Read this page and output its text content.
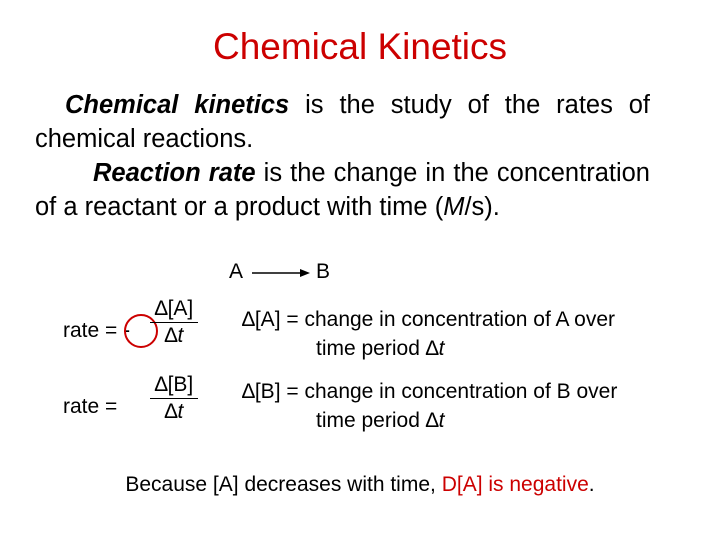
Chemical Kinetics
Chemical kinetics is the study of the rates of chemical reactions.
Reaction rate is the change in the concentration of a reactant or a product with time (M/s).
A	B
rate = -
∆[A]
∆t
∆[A] = change in concentration of A over
time period ∆t
rate =
∆[B]
∆t
∆[B] = change in concentration of B over
time period ∆t
Because [A] decreases with time, D[A] is negative.
